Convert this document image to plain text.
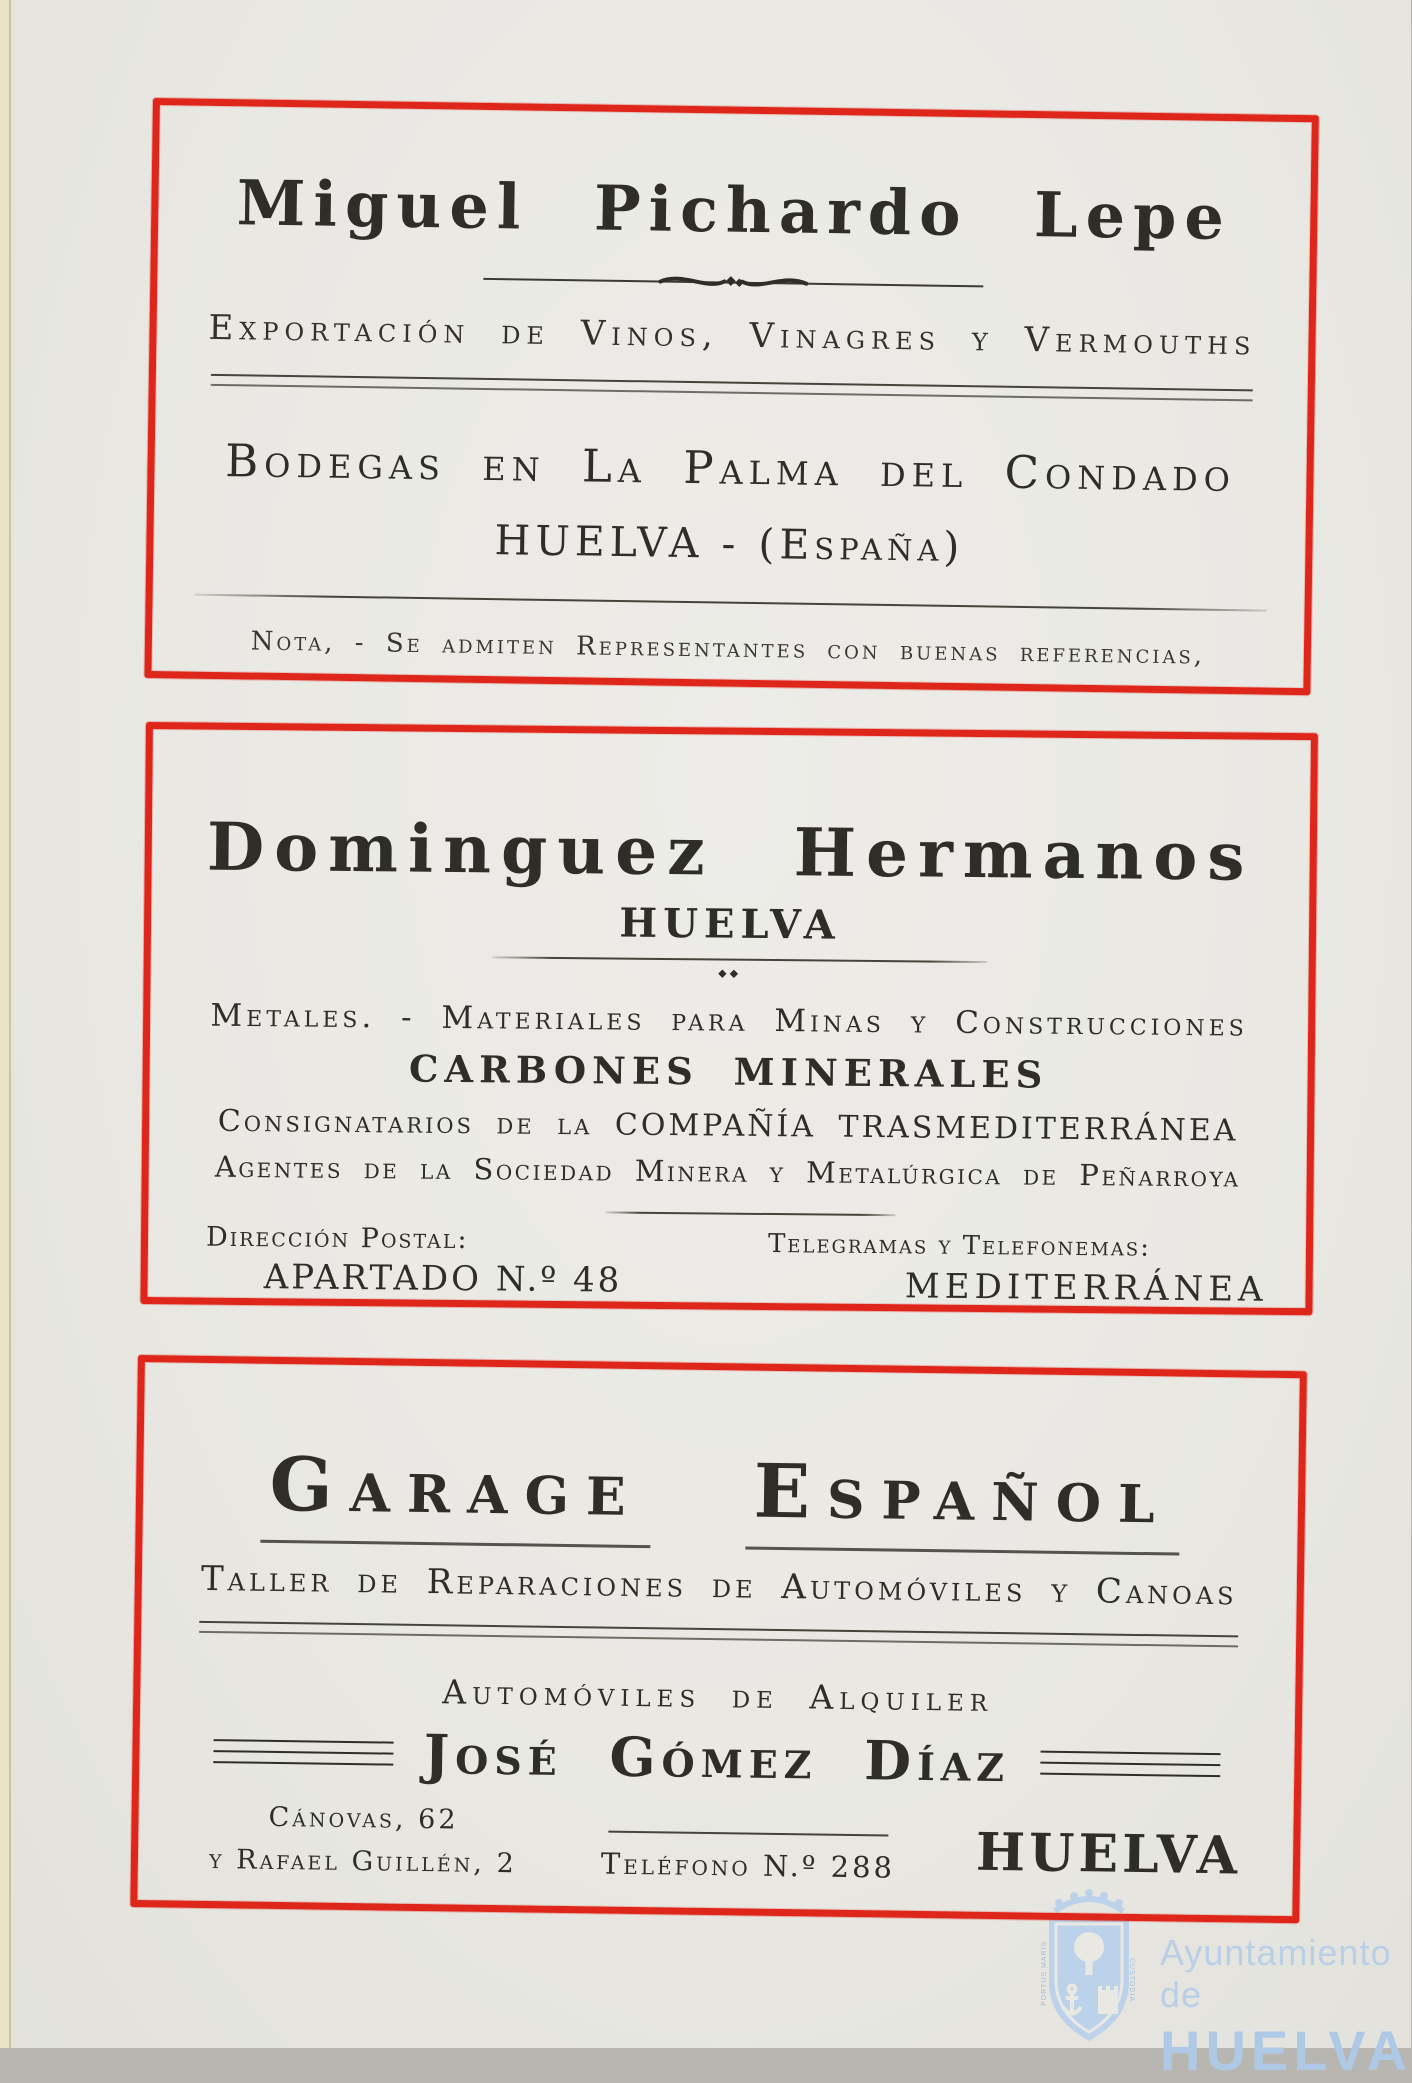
PORTUS MARIS	CUSTODIA
Ayuntamiento de
HUELVA
Miguel Pichardo Lepe
Exportación de Vinos, Vinagres y Vermouths
Bodegas en La Palma del Condado
HUELVA - (España)
Nota, - Se admiten Representantes con buenas referencias,
Dominguez Hermanos
HUELVA
◆◆
Metales. - Materiales para Minas y Construcciones
CARBONES MINERALES
Consignatarios de la COMPAÑÍA TRASMEDITERRÁNEA
Agentes de la Sociedad Minera y Metalúrgica de Peñarroya
Dirección Postal:
APARTADO N.º 48
Telegramas y Telefonemas:
MEDITERRÁNEA
Garage Español
Taller de Reparaciones de Automóviles y Canoas
Automóviles de Alquiler
José Gómez Díaz
Cánovas, 62
y Rafael Guillén, 2	Teléfono N.º 288 HUELVA
